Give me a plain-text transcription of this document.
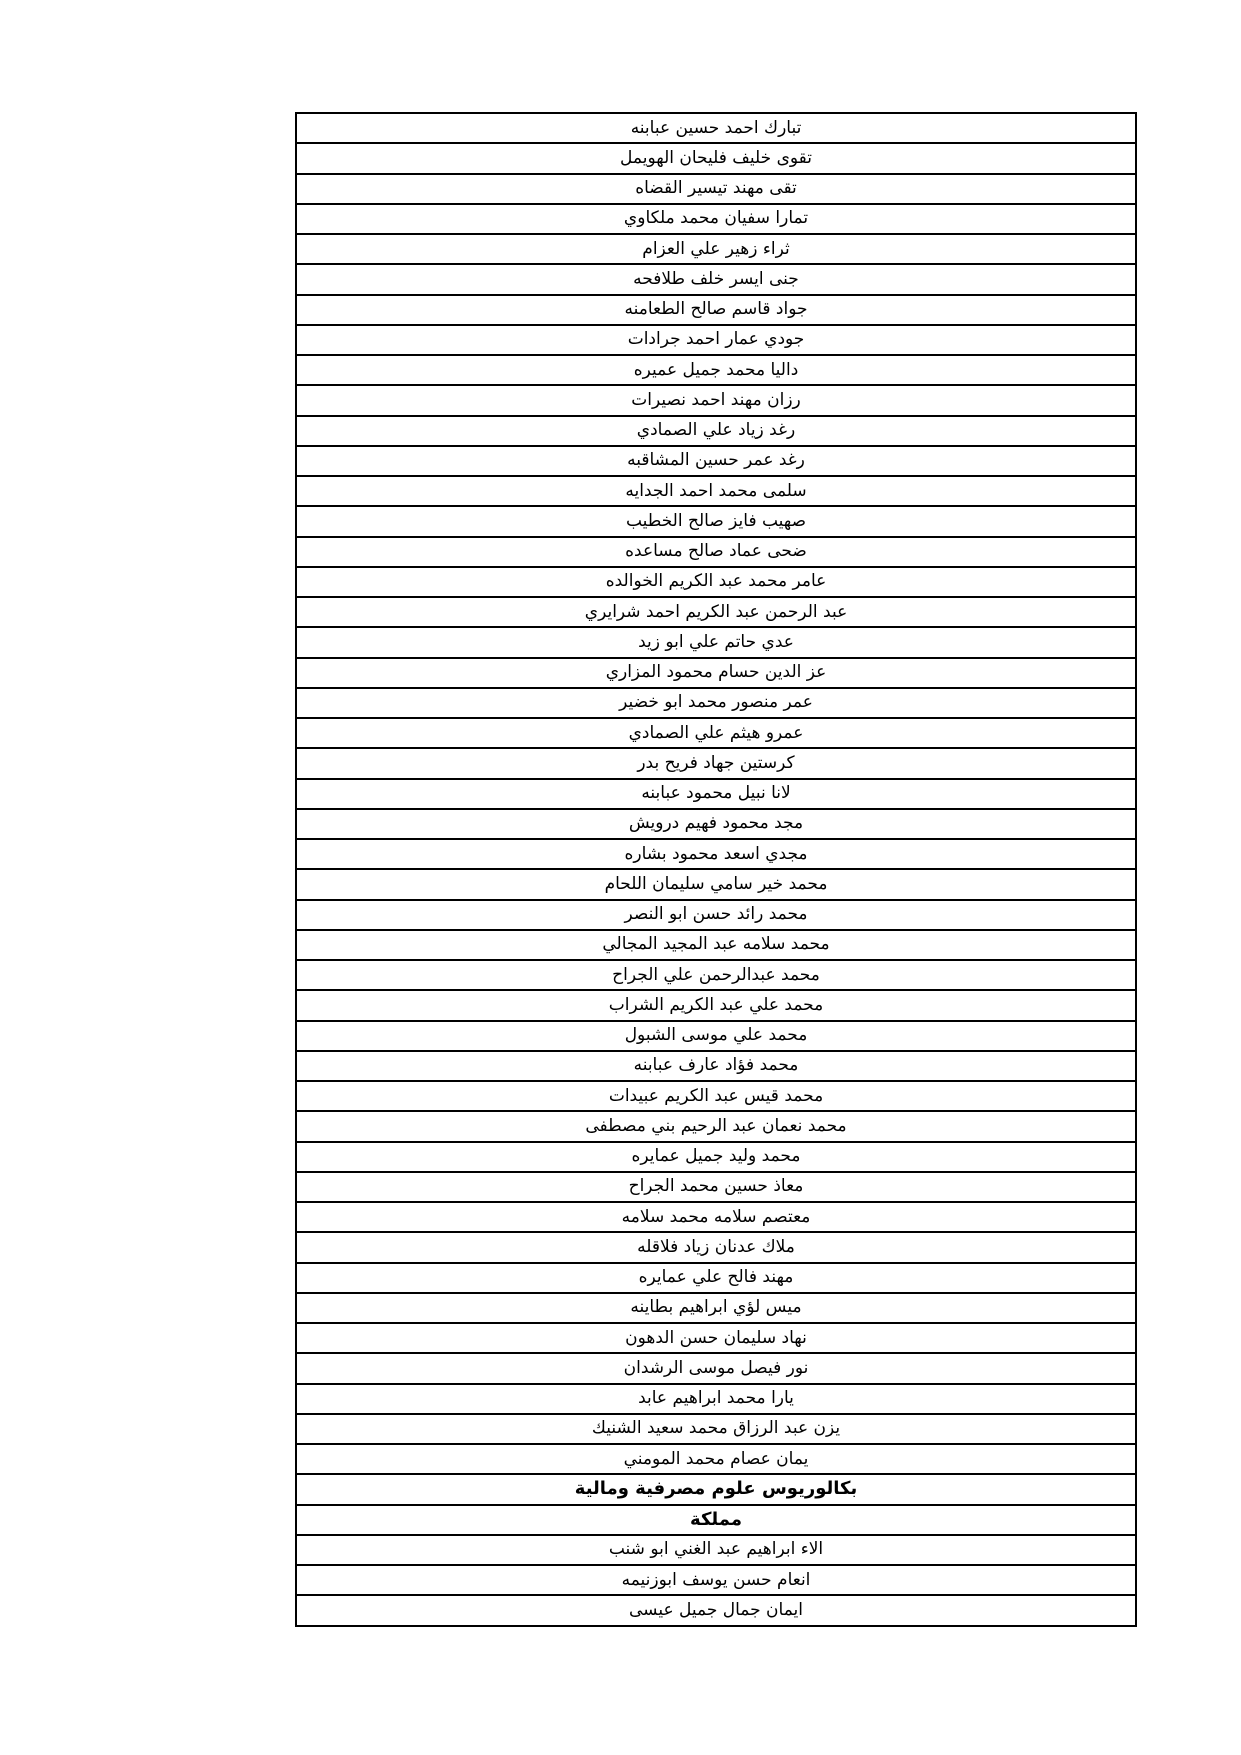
تبارك احمد حسين عبابنه
تقوى خليف فليحان الهويمل
تقى مهند تيسير القضاه
تمارا سفيان محمد ملكاوي
ثراء زهير علي العزام
جنى ايسر خلف طلافحه
جواد قاسم صالح الطعامنه
جودي عمار احمد جرادات
داليا محمد جميل عميره
رزان مهند احمد نصيرات
رغد زياد علي الصمادي
رغد عمر حسين المشاقبه
سلمى محمد احمد الجدايه
صهيب فايز صالح الخطيب
ضحى عماد صالح مساعده
عامر محمد عبد الكريم الخوالده
عبد الرحمن عبد الكريم احمد شرايري
عدي حاتم علي ابو زيد
عز الدين حسام محمود المزاري
عمر منصور محمد ابو خضير
عمرو هيثم علي الصمادي
كرستين جهاد فريح بدر
لانا نبيل محمود عبابنه
مجد محمود فهيم درويش
مجدي اسعد محمود بشاره
محمد خير سامي سليمان اللحام
محمد رائد حسن ابو النصر
محمد سلامه عبد المجيد المجالي
محمد عبدالرحمن علي الجراح
محمد علي عبد الكريم الشراب
محمد علي موسى الشبول
محمد فؤاد عارف عبابنه
محمد قيس عبد الكريم عبيدات
محمد نعمان عبد الرحيم بني مصطفى
محمد وليد جميل عمايره
معاذ حسين محمد الجراح
معتصم سلامه محمد سلامه
ملاك عدنان زياد فلاقله
مهند فالح علي عمايره
ميس لؤي ابراهيم بطاينه
نهاد سليمان حسن الدهون
نور فيصل موسى الرشدان
يارا محمد ابراهيم عابد
يزن عبد الرزاق محمد سعيد الشنيك
يمان عصام محمد المومني
بكالوريوس علوم مصرفية ومالية
مملكة
الاء ابراهيم عبد الغني ابو شنب
انعام حسن يوسف ابوزنيمه
ايمان جمال جميل عيسى
